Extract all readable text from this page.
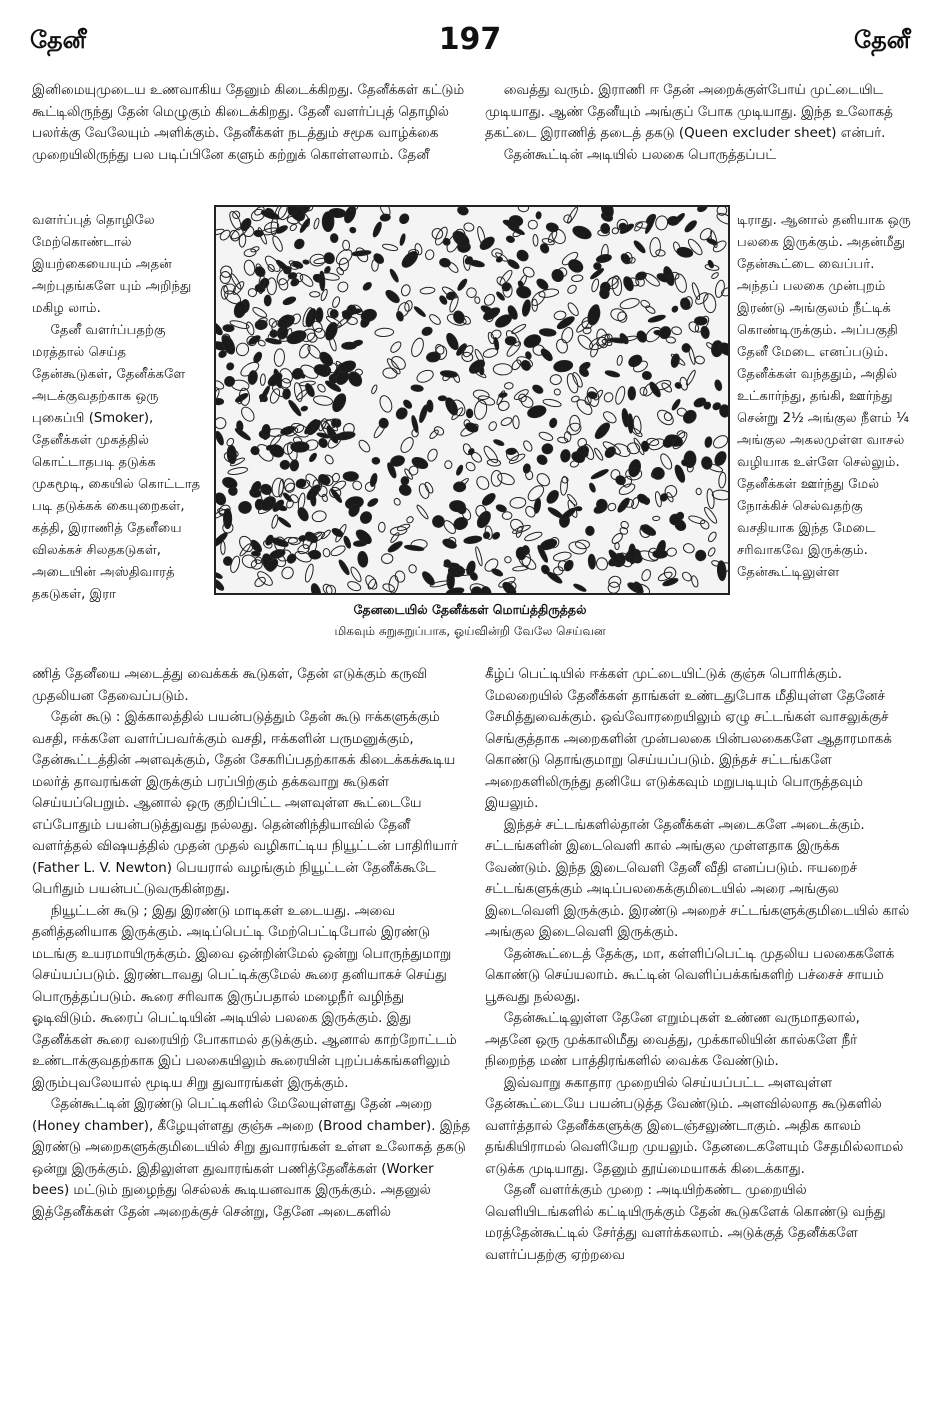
தேனீ	197	தேனீ

இனிமையுமுடைய உணவாகிய தேனும் கிடைக்கிறது. தேனீக்கள் கட்டும் கூட்டிலிருந்து தேன் மெழுகும் கிடைக்கிறது. தேனீ வளர்ப்புத் தொழில் பலர்க்கு வேலேயும் அளிக்கும். தேனீக்கள் நடத்தும் சமூக வாழ்க்கை முறையிலிருந்து பல படிப்பினே களும் கற்றுக் கொள்ளலாம். தேனீ

வளர்ப்புத் தொழிலே மேற்கொண்டால் இயற்கையையும் அதன் அற்புதங்களே யும் அறிந்து மகிழ லாம்.

தேனீ வளர்ப்பதற்கு மரத்தால் செய்த தேன்கூடுகள், தேனீக்களே அடக்குவதற்காக ஒரு புகைப்பி (Smoker), தேனீக்கள் முகத்தில் கொட்டாதபடி தடுக்க முகமூடி, கையில் கொட்டாத படி தடுக்கக் கையுறைகள், கத்தி, இராணித் தேனீயை விலக்கச் சிலதகடுகள், அடையின் அஸ்திவாரத் தகடுகள், இரா

தேனடையில் தேனீக்கள் மொய்த்திருத்தல்
மிகவும் சுறுசுறுப்பாக, ஓய்வின்றி வேலே செய்வன

வைத்து வரும். இராணி ஈ தேன் அறைக்குள்போய் முட்டையிட முடியாது. ஆண் தேனீயும் அங்குப் போக முடியாது. இந்த உலோகத் தகட்டை இராணித் தடைத் தகடு (Queen excluder sheet) என்பர்.

தேன்கூட்டின் அடியில் பலகை பொருத்தப்பட்

டிராது. ஆனால் தனியாக ஒரு பலகை இருக்கும். அதன்மீது தேன்கூட்டை வைப்பர். அந்தப் பலகை முன்புறம் இரண்டு அங்குலம் நீட்டிக் கொண்டிருக்கும். அப்பகுதி தேனீ மேடை எனப்படும். தேனீக்கள் வந்ததும், அதில் உட்கார்ந்து, தங்கி, ஊர்ந்து சென்று 2½ அங்குல நீளம் ¼ அங்குல அகலமுள்ள வாசல் வழியாக உள்ளே செல்லும். தேனீக்கள் ஊர்ந்து மேல் நோக்கிச் செல்வதற்கு வசதியாக இந்த மேடை சரிவாகவே இருக்கும். தேன்கூட்டிலுள்ள

ணித் தேனீயை அடைத்து வைக்கக் கூடுகள், தேன் எடுக்கும் கருவி முதலியன தேவைப்படும்.

தேன் கூடு : இக்காலத்தில் பயன்படுத்தும் தேன் கூடு ஈக்களுக்கும் வசதி, ஈக்களே வளர்ப்பவர்க்கும் வசதி, ஈக்களின் பருமனுக்கும், தேன்கூட்டத்தின் அளவுக்கும், தேன் சேகரிப்பதற்காகக் கிடைக்கக்கூடிய மலர்த் தாவரங்கள் இருக்கும் பரப்பிற்கும் தக்கவாறு கூடுகள் செய்யப்பெறும். ஆனால் ஒரு குறிப்பிட்ட அளவுள்ள கூட்டையே எப்போதும் பயன்படுத்துவது நல்லது. தென்னிந்தியாவில் தேனீ வளர்த்தல் விஷயத்தில் முதன் முதல் வழிகாட்டிய நியூட்டன் பாதிரியார் (Father L. V. Newton) பெயரால் வழங்கும் நியூட்டன் தேனீக்கூடே பெரிதும் பயன்பட்டுவருகின்றது.

நியூட்டன் கூடு ; இது இரண்டு மாடிகள் உடையது. அவை தனித்தனியாக இருக்கும். அடிப்பெட்டி மேற்பெட்டிபோல் இரண்டு மடங்கு உயரமாயிருக்கும். இவை ஒன்றின்மேல் ஒன்று பொருந்துமாறு செய்யப்படும். இரண்டாவது பெட்டிக்குமேல் கூரை தனியாகச் செய்து பொருத்தப்படும். கூரை சரிவாக இருப்பதால் மழைநீர் வழிந்து ஓடிவிடும். கூரைப் பெட்டியின் அடியில் பலகை இருக்கும். இது தேனீக்கள் கூரை வரையிற் போகாமல் தடுக்கும். ஆனால் காற்றோட்டம் உண்டாக்குவதற்காக இப் பலகையிலும் கூரையின் புறப்பக்கங்களிலும் இரும்புவலேயால் மூடிய சிறு துவாரங்கள் இருக்கும்.

தேன்கூட்டின் இரண்டு பெட்டிகளில் மேலேயுள்ளது தேன் அறை (Honey chamber), கீழேயுள்ளது குஞ்சு அறை (Brood chamber). இந்த இரண்டு அறைகளுக்குமிடையில் சிறு துவாரங்கள் உள்ள உலோகத் தகடு ஒன்று இருக்கும். இதிலுள்ள துவாரங்கள் பணித்தேனீக்கள் (Worker bees) மட்டும் நுழைந்து செல்லக் கூடியனவாக இருக்கும். அதனுல் இத்தேனீக்கள் தேன் அறைக்குச் சென்று, தேனே அடைகளில்

கீழ்ப் பெட்டியில் ஈக்கள் முட்டையிட்டுக் குஞ்சு பொரிக்கும். மேலறையில் தேனீக்கள் தாங்கள் உண்டதுபோக மீதியுள்ள தேனேச் சேமித்துவைக்கும். ஒவ்வோரறையிலும் ஏழு சட்டங்கள் வாசலுக்குச் செங்குத்தாக அறைகளின் முன்பலகை பின்பலகைகளே ஆதாரமாகக் கொண்டு தொங்குமாறு செய்யப்படும். இந்தச் சட்டங்களே அறைகளிலிருந்து தனியே எடுக்கவும் மறுபடியும் பொருத்தவும் இயலும்.

இந்தச் சட்டங்களில்தான் தேனீக்கள் அடைகளே அடைக்கும். சட்டங்களின் இடைவெளி கால் அங்குல முள்ளதாக இருக்க வேண்டும். இந்த இடைவெளி தேனீ வீதி எனப்படும். ஈயறைச் சட்டங்களுக்கும் அடிப்பலகைக்குமிடையில் அரை அங்குல இடைவெளி இருக்கும். இரண்டு அறைச் சட்டங்களுக்குமிடையில் கால் அங்குல இடைவெளி இருக்கும்.

தேன்கூட்டைத் தேக்கு, மா, கள்ளிப்பெட்டி முதலிய பலகைகளேக் கொண்டு செய்யலாம். கூட்டின் வெளிப்பக்கங்களிற் பச்சைச் சாயம் பூசுவது நல்லது.

தேன்கூட்டிலுள்ள தேனே எறும்புகள் உண்ண வருமாதலால், அதனே ஒரு முக்காலிமீது வைத்து, முக்காலியின் கால்களே நீர் நிறைந்த மண் பாத்திரங்களில் வைக்க வேண்டும்.

இவ்வாறு சுகாதார முறையில் செய்யப்பட்ட அளவுள்ள தேன்கூட்டையே பயன்படுத்த வேண்டும். அளவில்லாத கூடுகளில் வளர்த்தால் தேனீக்களுக்கு இடைஞ்சலுண்டாகும். அதிக காலம் தங்கியிராமல் வெளியேற முயலும். தேனடைகளேயும் சேதமில்லாமல் எடுக்க முடியாது. தேனும் தூய்மையாகக் கிடைக்காது.

தேனீ வளர்க்கும் முறை : அடியிற்கண்ட முறையில் வெளியிடங்களில் கட்டியிருக்கும் தேன் கூடுகளேக் கொண்டு வந்து மரத்தேன்கூட்டில் சேர்த்து வளர்க்கலாம். அடுக்குத் தேனீக்களே வளர்ப்பதற்கு ஏற்றவை
